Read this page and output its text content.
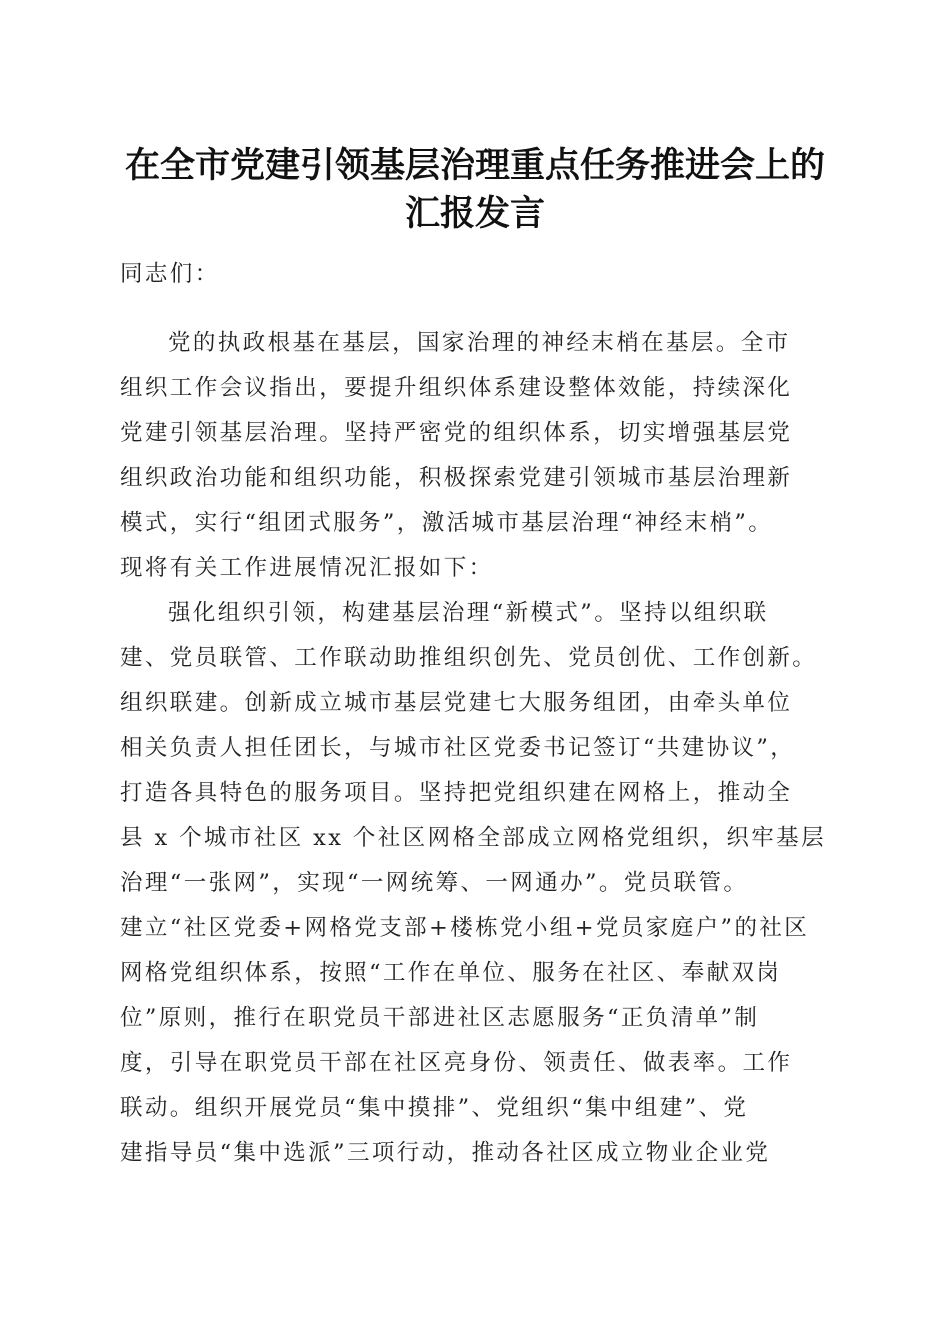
在全市党建引领基层治理重点任务推进会上的
汇报发言

同志们：

党的执政根基在基层，国家治理的神经末梢在基层。全市

组织工作会议指出，要提升组织体系建设整体效能，持续深化

党建引领基层治理。坚持严密党的组织体系，切实增强基层党

组织政治功能和组织功能，积极探索党建引领城市基层治理新

模式，实行“组团式服务”，激活城市基层治理“神经末梢”。

现将有关工作进展情况汇报如下：

强化组织引领，构建基层治理“新模式”。坚持以组织联

建、党员联管、工作联动助推组织创先、党员创优、工作创新。

组织联建。创新成立城市基层党建七大服务组团，由牵头单位

相关负责人担任团长，与城市社区党委书记签订“共建协议”，

打造各具特色的服务项目。坚持把党组织建在网格上，推动全

县 x 个城市社区 xx 个社区网格全部成立网格党组织，织牢基层

治理“一张网”，实现“一网统筹、一网通办”。党员联管。

建立“社区党委+网格党支部+楼栋党小组+党员家庭户”的社区

网格党组织体系，按照“工作在单位、服务在社区、奉献双岗

位”原则，推行在职党员干部进社区志愿服务“正负清单”制

度，引导在职党员干部在社区亮身份、领责任、做表率。工作

联动。组织开展党员“集中摸排”、党组织“集中组建”、党

建指导员“集中选派”三项行动，推动各社区成立物业企业党
